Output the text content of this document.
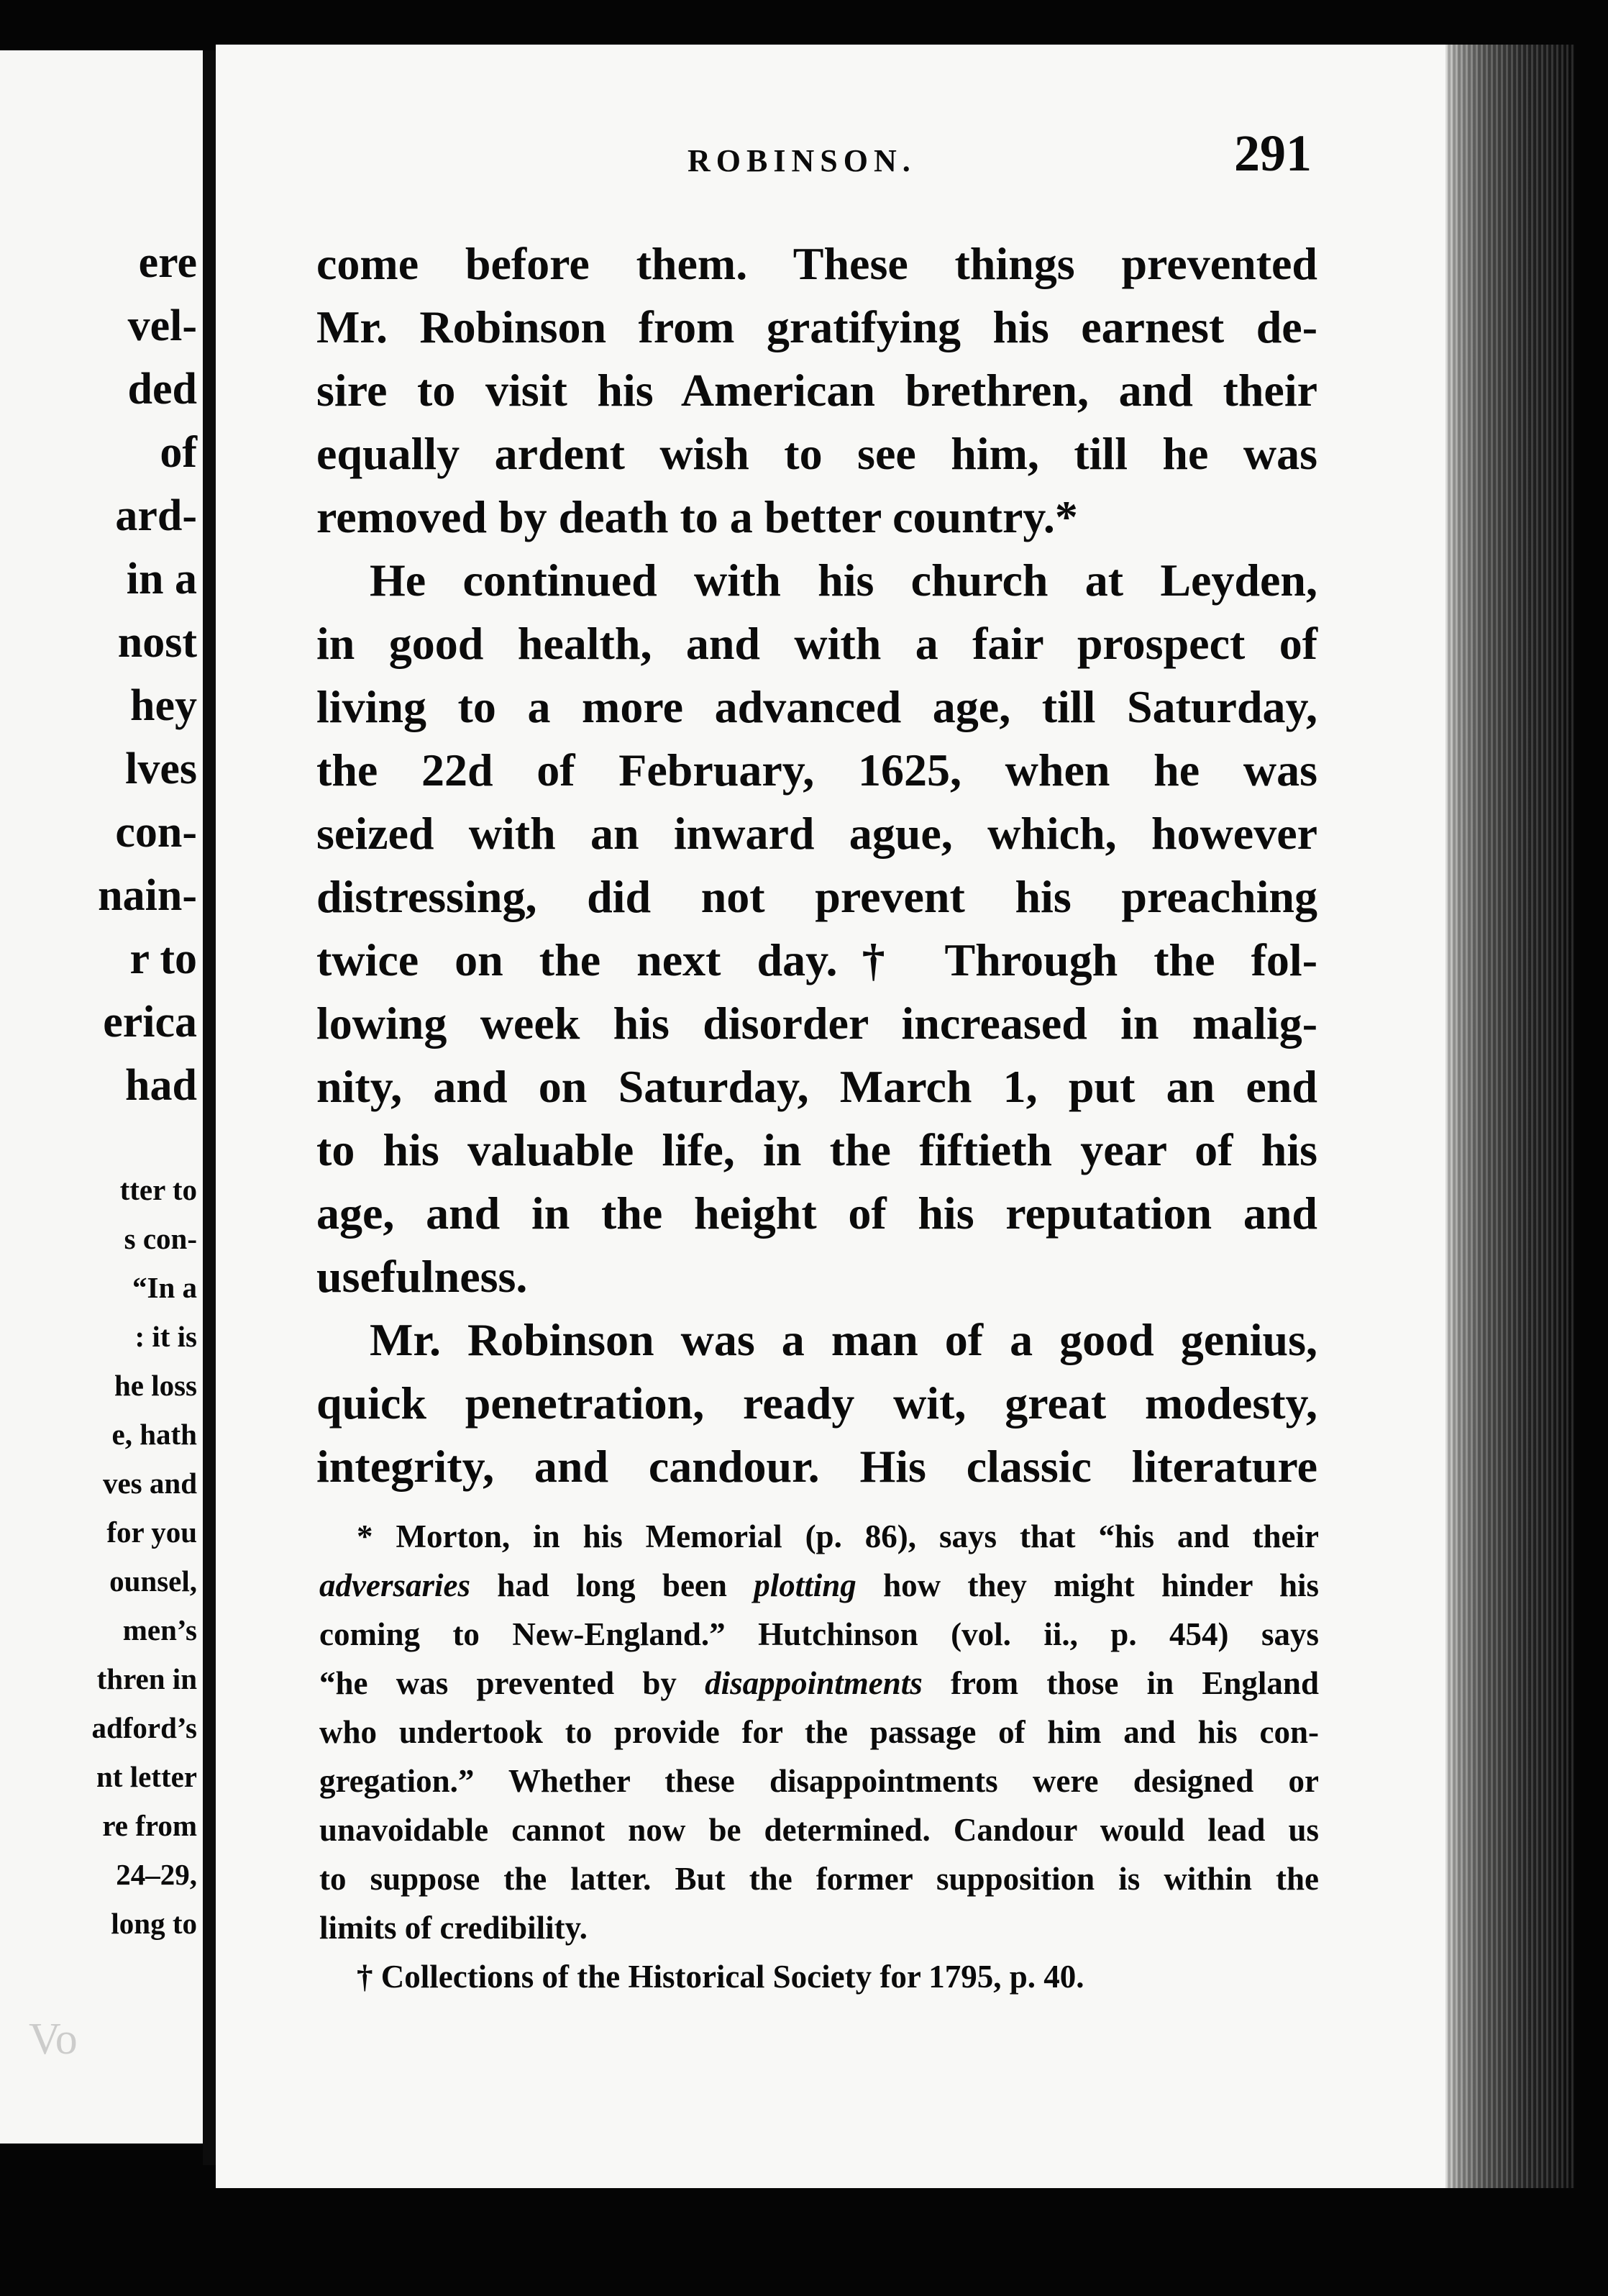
ere
vel-
ded
of
ard-
in a
nost
hey
lves
con-
nain-
r to
erica
had
tter to
s con-
“In a
: it is
he loss
e, hath
ves and
for you
ounsel,
men’s
thren in
adford’s
nt letter
re from
24–29,
long to
Vo
ROBINSON.	291
come before them. These things prevented
Mr. Robinson from gratifying his earnest de-
sire to visit his American brethren, and their
equally ardent wish to see him, till he was
removed by death to a better country.*
He continued with his church at Leyden,
in good health, and with a fair prospect of
living to a more advanced age, till Saturday,
the 22d of February, 1625, when he was
seized with an inward ague, which, however
distressing, did not prevent his preaching
twice on the next day.† Through the fol-
lowing week his disorder increased in malig-
nity, and on Saturday, March 1, put an end
to his valuable life, in the fiftieth year of his
age, and in the height of his reputation and
usefulness.
Mr. Robinson was a man of a good genius,
quick penetration, ready wit, great modesty,
integrity, and candour. His classic literature
* Morton, in his Memorial (p. 86), says that “his and their
adversaries had long been plotting how they might hinder his
coming to New-England.” Hutchinson (vol. ii., p. 454) says
“he was prevented by disappointments from those in England
who undertook to provide for the passage of him and his con-
gregation.” Whether these disappointments were designed or
unavoidable cannot now be determined. Candour would lead us
to suppose the latter. But the former supposition is within the
limits of credibility.
† Collections of the Historical Society for 1795, p. 40.
